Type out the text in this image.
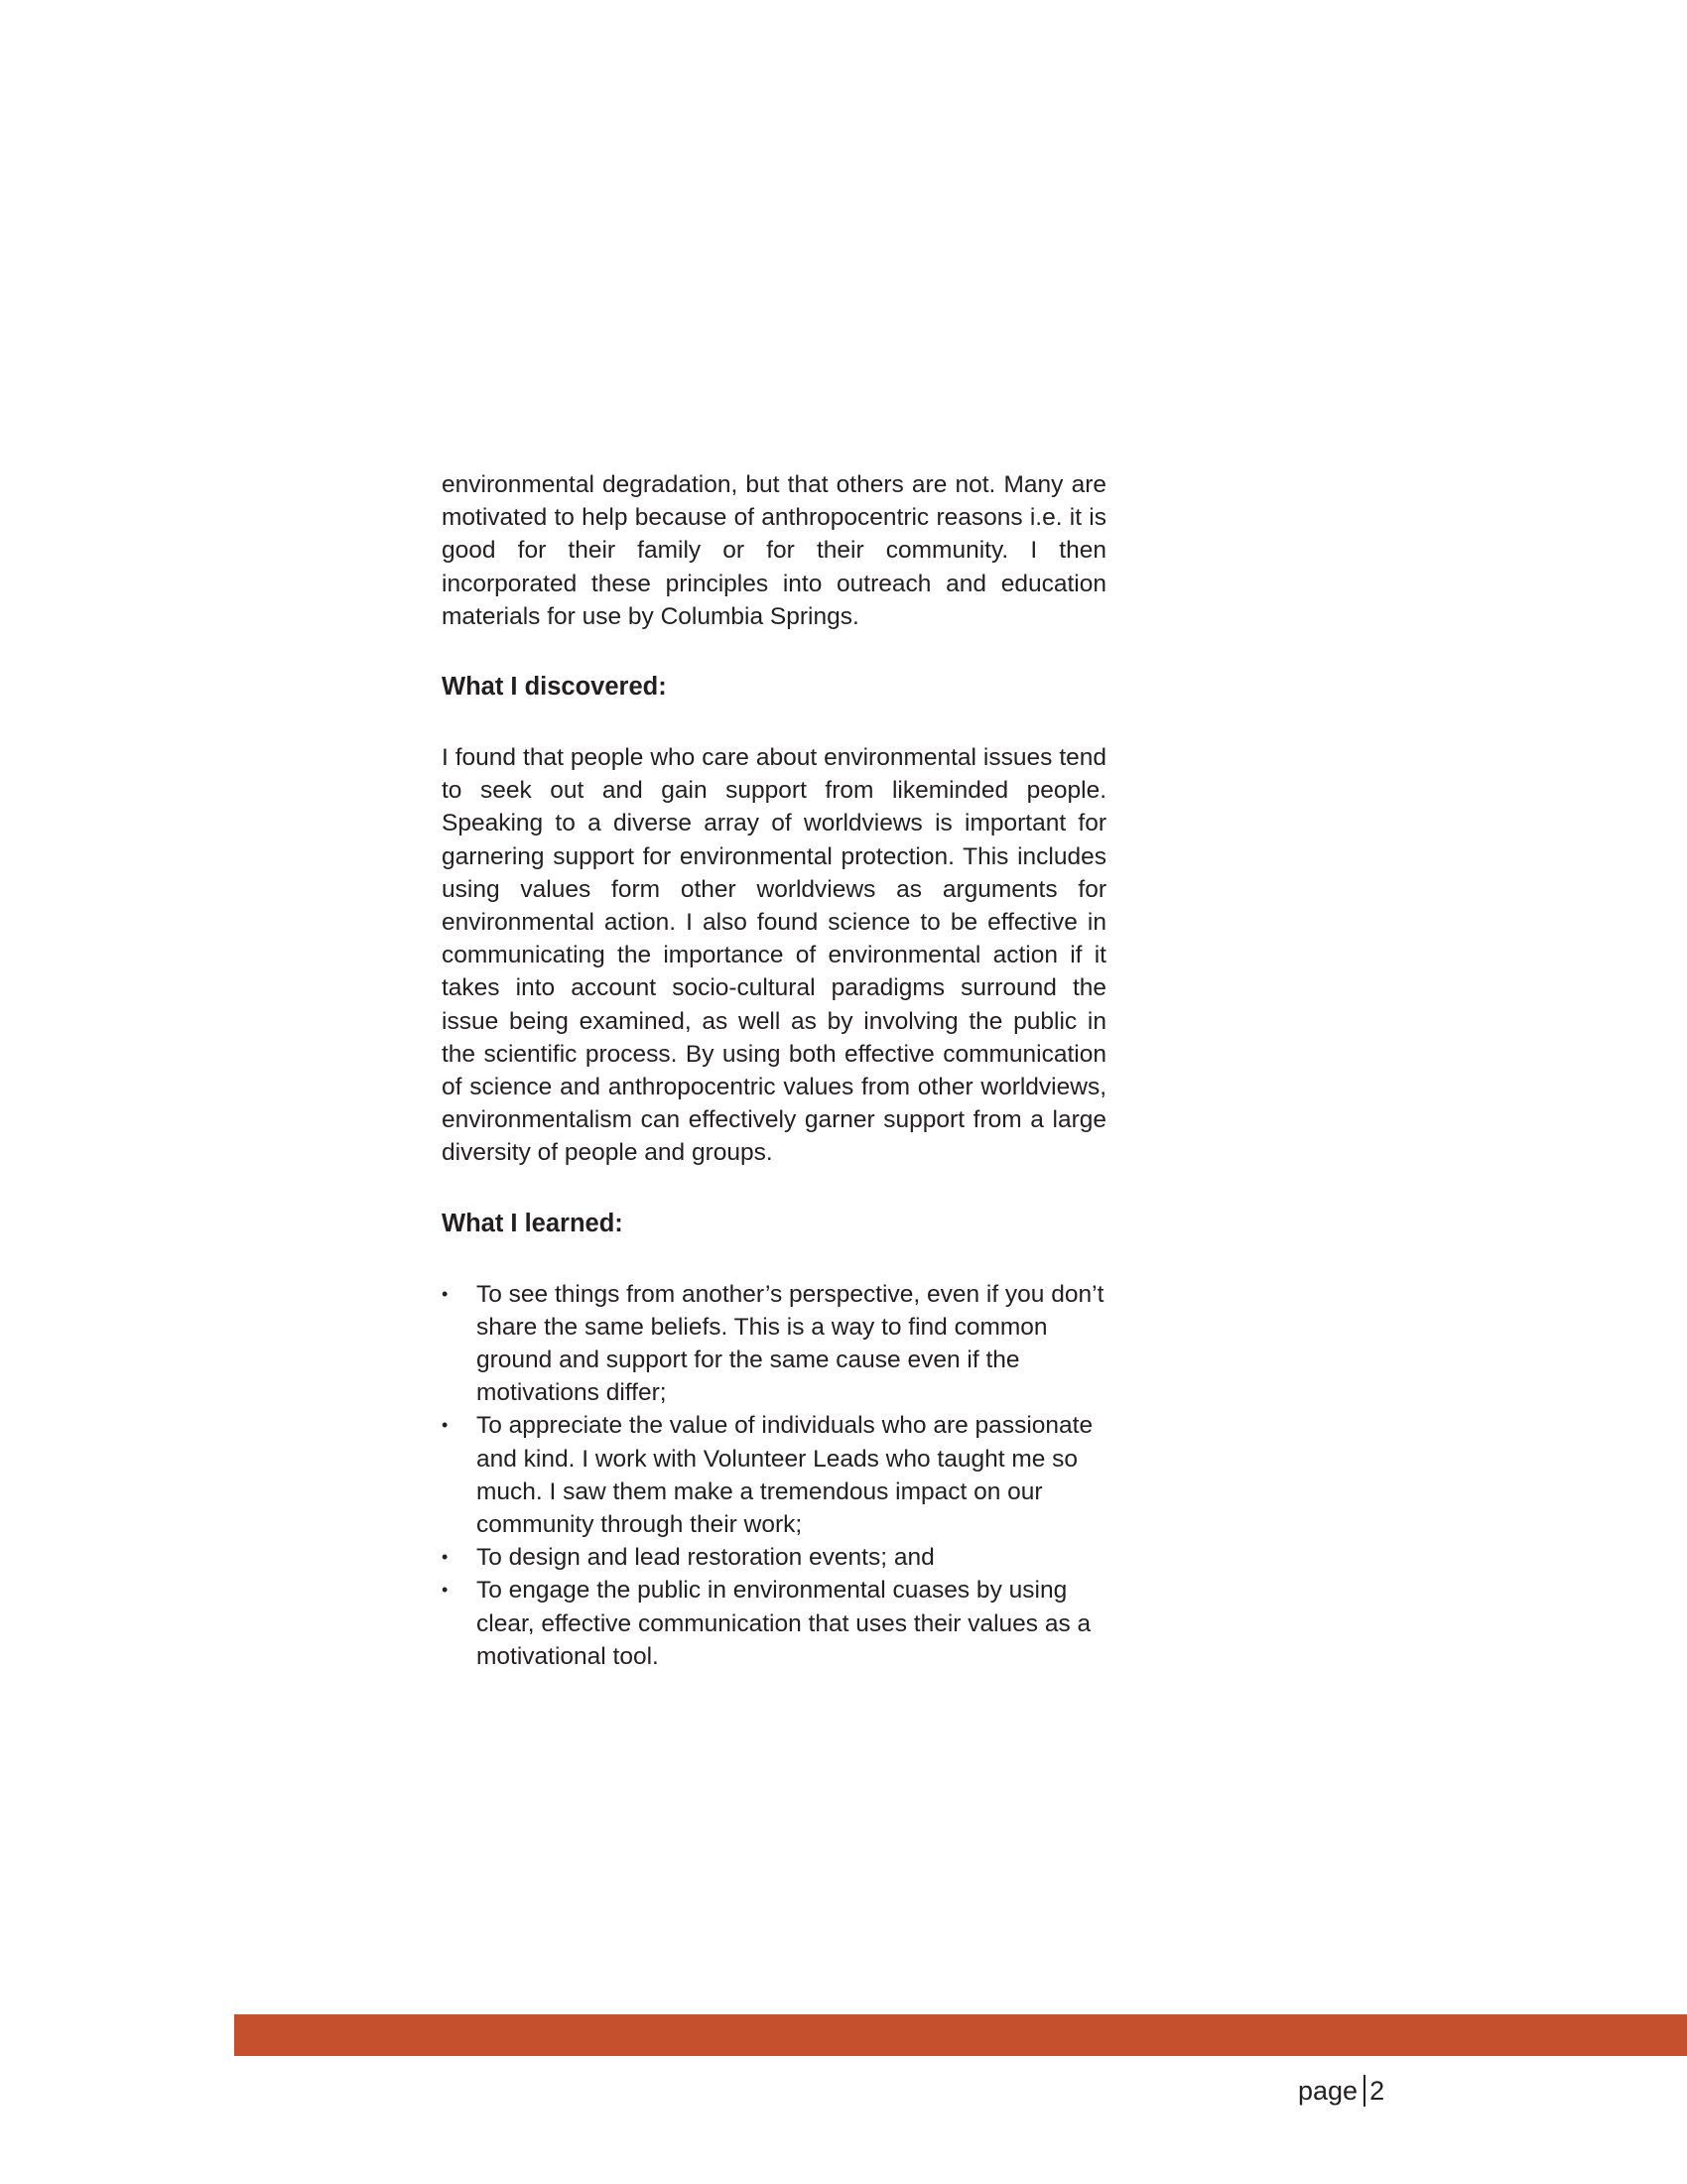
environmental degradation, but that others are not. Many are motivated to help because of anthropocentric reasons i.e. it is good for their family or for their community. I then incorporated these principles into outreach and education materials for use by Columbia Springs.

What I discovered:

I found that people who care about environmental issues tend to seek out and gain support from likeminded people. Speaking to a diverse array of worldviews is important for garnering support for environmental protection. This includes using values form other worldviews as arguments for environmental action. I also found science to be effective in communicating the importance of environmental action if it takes into account socio-cultural paradigms surround the issue being examined, as well as by involving the public in the scientific process. By using both effective communication of science and anthropocentric values from other worldviews, environmentalism can effectively garner support from a large diversity of people and groups.

What I learned:
•	To see things from another’s perspective, even if you don’t share the same beliefs. This is a way to find common ground and support for the same cause even if the motivations differ;
•	To appreciate the value of individuals who are passionate and kind. I work with Volunteer Leads who taught me so much. I saw them make a tremendous impact on our community through their work;
•	To design and lead restoration events; and
•	To engage the public in environmental cuases by using clear, effective communication that uses their values as a motivational tool.
page 2
